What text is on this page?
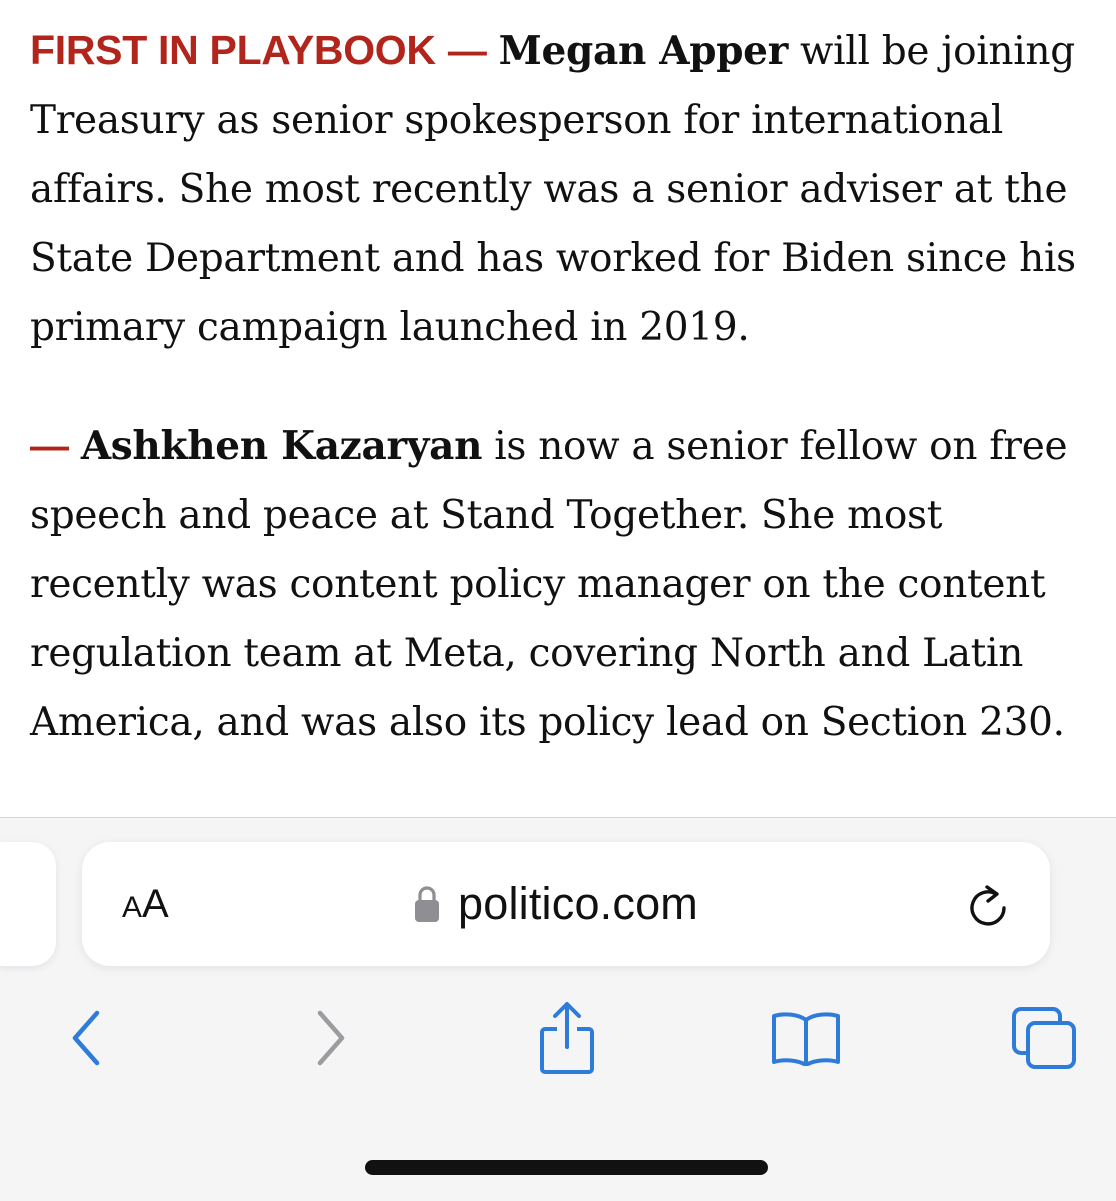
FIRST IN PLAYBOOK — Megan Apper will be joining Treasury as senior spokesperson for international affairs. She most recently was a senior adviser at the State Department and has worked for Biden since his primary campaign launched in 2019.

— Ashkhen Kazaryan is now a senior fellow on free speech and peace at Stand Together. She most recently was content policy manager on the content regulation team at Meta, covering North and Latin America, and was also its policy lead on Section 230.

A A	politico.com
